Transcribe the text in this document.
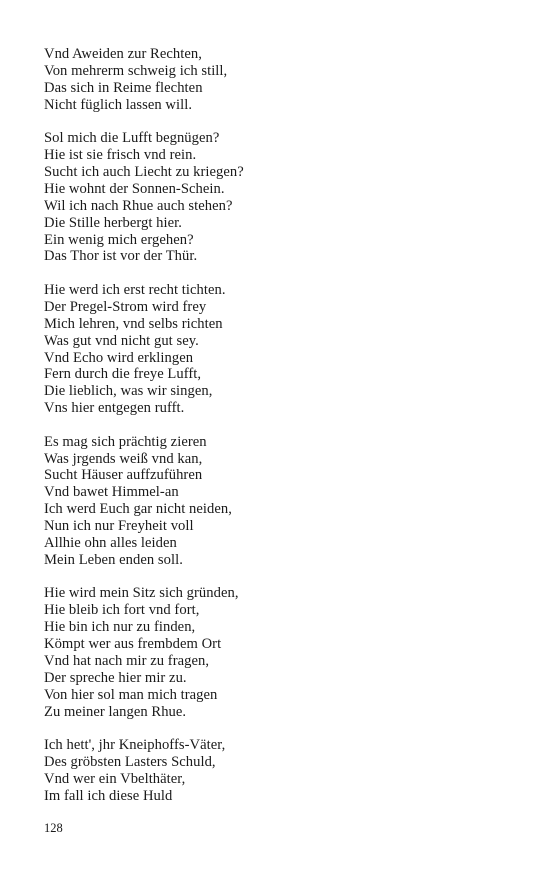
Vnd Aweiden zur Rechten,
Von mehrerm schweig ich still,
Das sich in Reime flechten
Nicht füglich lassen will.
Sol mich die Lufft begnügen?
Hie ist sie frisch vnd rein.
Sucht ich auch Liecht zu kriegen?
Hie wohnt der Sonnen-Schein.
Wil ich nach Rhue auch stehen?
Die Stille herbergt hier.
Ein wenig mich ergehen?
Das Thor ist vor der Thür.
Hie werd ich erst recht tichten.
Der Pregel-Strom wird frey
Mich lehren, vnd selbs richten
Was gut vnd nicht gut sey.
Vnd Echo wird erklingen
Fern durch die freye Lufft,
Die lieblich, was wir singen,
Vns hier entgegen rufft.
Es mag sich prächtig zieren
Was jrgends weiß vnd kan,
Sucht Häuser auffzuführen
Vnd bawet Himmel-an
Ich werd Euch gar nicht neiden,
Nun ich nur Freyheit voll
Allhie ohn alles leiden
Mein Leben enden soll.
Hie wird mein Sitz sich gründen,
Hie bleib ich fort vnd fort,
Hie bin ich nur zu finden,
Kömpt wer aus frembdem Ort
Vnd hat nach mir zu fragen,
Der spreche hier mir zu.
Von hier sol man mich tragen
Zu meiner langen Rhue.
Ich hett', jhr Kneiphoffs-Väter,
Des gröbsten Lasters Schuld,
Vnd wer ein Vbelthäter,
Im fall ich diese Huld
128
